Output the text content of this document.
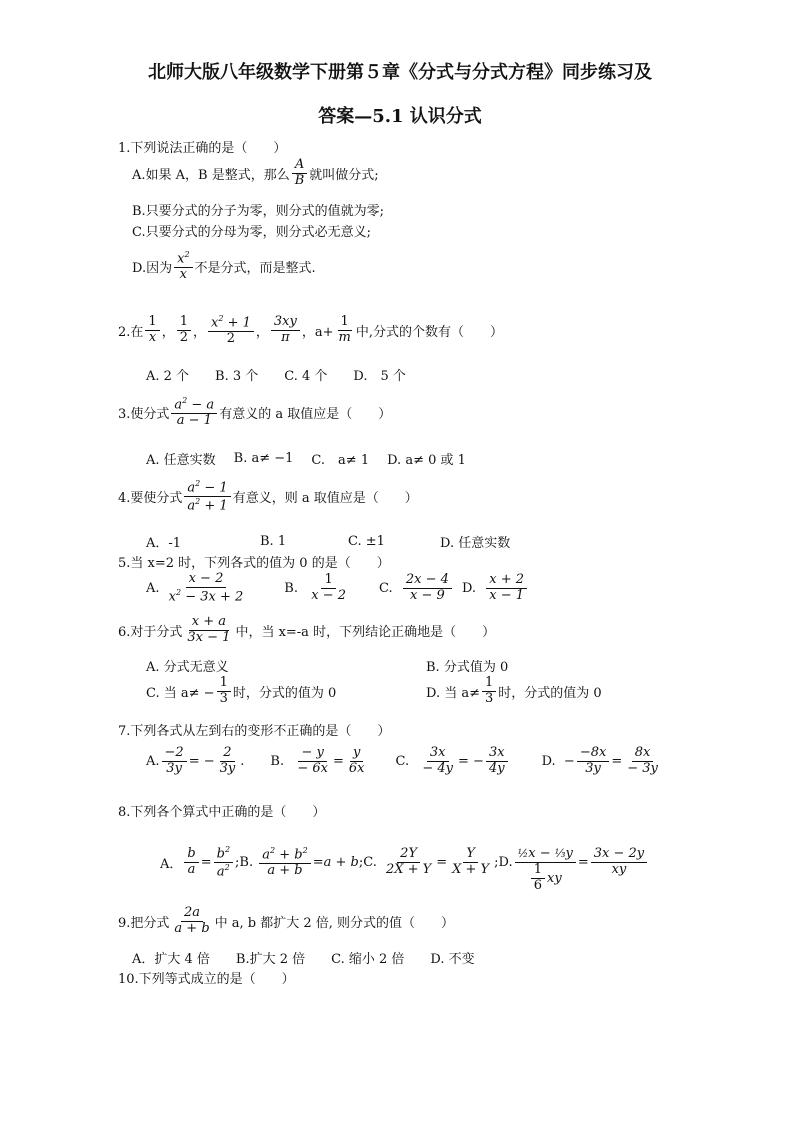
北师大版八年级数学下册第５章《分式与分式方程》同步练习及
答案—5.1 认识分式
1.下列说法正确的是（　　）
A.如果 A，B 是整式，那么 $\frac{A}{B}$ 就叫做分式;
B.只要分式的分子为零，则分式的值就为零;
C.只要分式的分母为零，则分式必无意义;
D.因为 $\frac{x^2}{x}$ 不是分式，而是整式.
2.在 $\frac{1}{x}$ ， $\frac{1}{2}$ ， $\frac{x^2 + 1}{2}$ ， $\frac{3xy}{\pi}$ ，$a+ \frac{1}{m}$ 中,分式的个数有（　　）
A. 2 个　　B. 3 个　　C. 4 个　　D.　5 个
3.使分式 $\frac{a^2 - a}{a - 1}$ 有意义的 a 取值应是（　　）
A. 任意实数 B. a≠ −1 C.　a≠ 1 D. a≠ 0 或 1
4.要使分式 $\frac{a^2 - 1}{a^2 + 1}$ 有意义，则 a 取值应是（　　）
A．-1	B. 1	C. ±1	D. 任意实数
5.当 x=2 时，下列各式的值为 0 的是（　　）
A. $\frac{x - 2}{x^2 - 3x + 2}$	B. $\frac{1}{x - 2} C$. $\frac{2x - 4}{x - 9} D$. $\frac{x + 2}{x - 1}$
6.对于分式 $\frac{x + a}{3x - 1}$ 中，当 x=-a 时，下列结论正确地是（　　）
A. 分式无意义	B. 分式值为 0
C. 当 $a\ne - \frac{1}{3}$ 时，分式的值为 0	D. 当 $a\ne \frac{1}{3}$ 时，分式的值为 0
7.下列各式从左到右的变形不正确的是（　　）
A. $\frac{-2}{3y}$ = − $\frac{2}{3y}$ .
B. $\frac{- y}{- 6x} = \frac{y}{6x} C$. $\frac{3x}{- 4y}$ = − $\frac{3x}{4y}$	D.  − $\frac{-8x}{3y} = \frac{8x}{- 3y}$
8.下列各个算式中正确的是（　　）
A． $\frac{b}{a} = \frac{b^2}{a^2}$ ;B. $\frac{a^2 + b^2}{a + b} = a + b$ ;C. $\frac{2Y}{2X + Y} = \frac{Y}{X + Y}$ ;D. $\frac{\text{½x − ⅓y}}{\frac{1}{6} xy} = \frac{3x - 2y}{xy}$
9.把分式 $\frac{2a}{a + b}$ 中 a, b 都扩大 2 倍, 则分式的值（　　）
A．扩大 4 倍　　B.扩大 2 倍　　C. 缩小 2 倍　　D. 不变
10.下列等式成立的是（　　）
